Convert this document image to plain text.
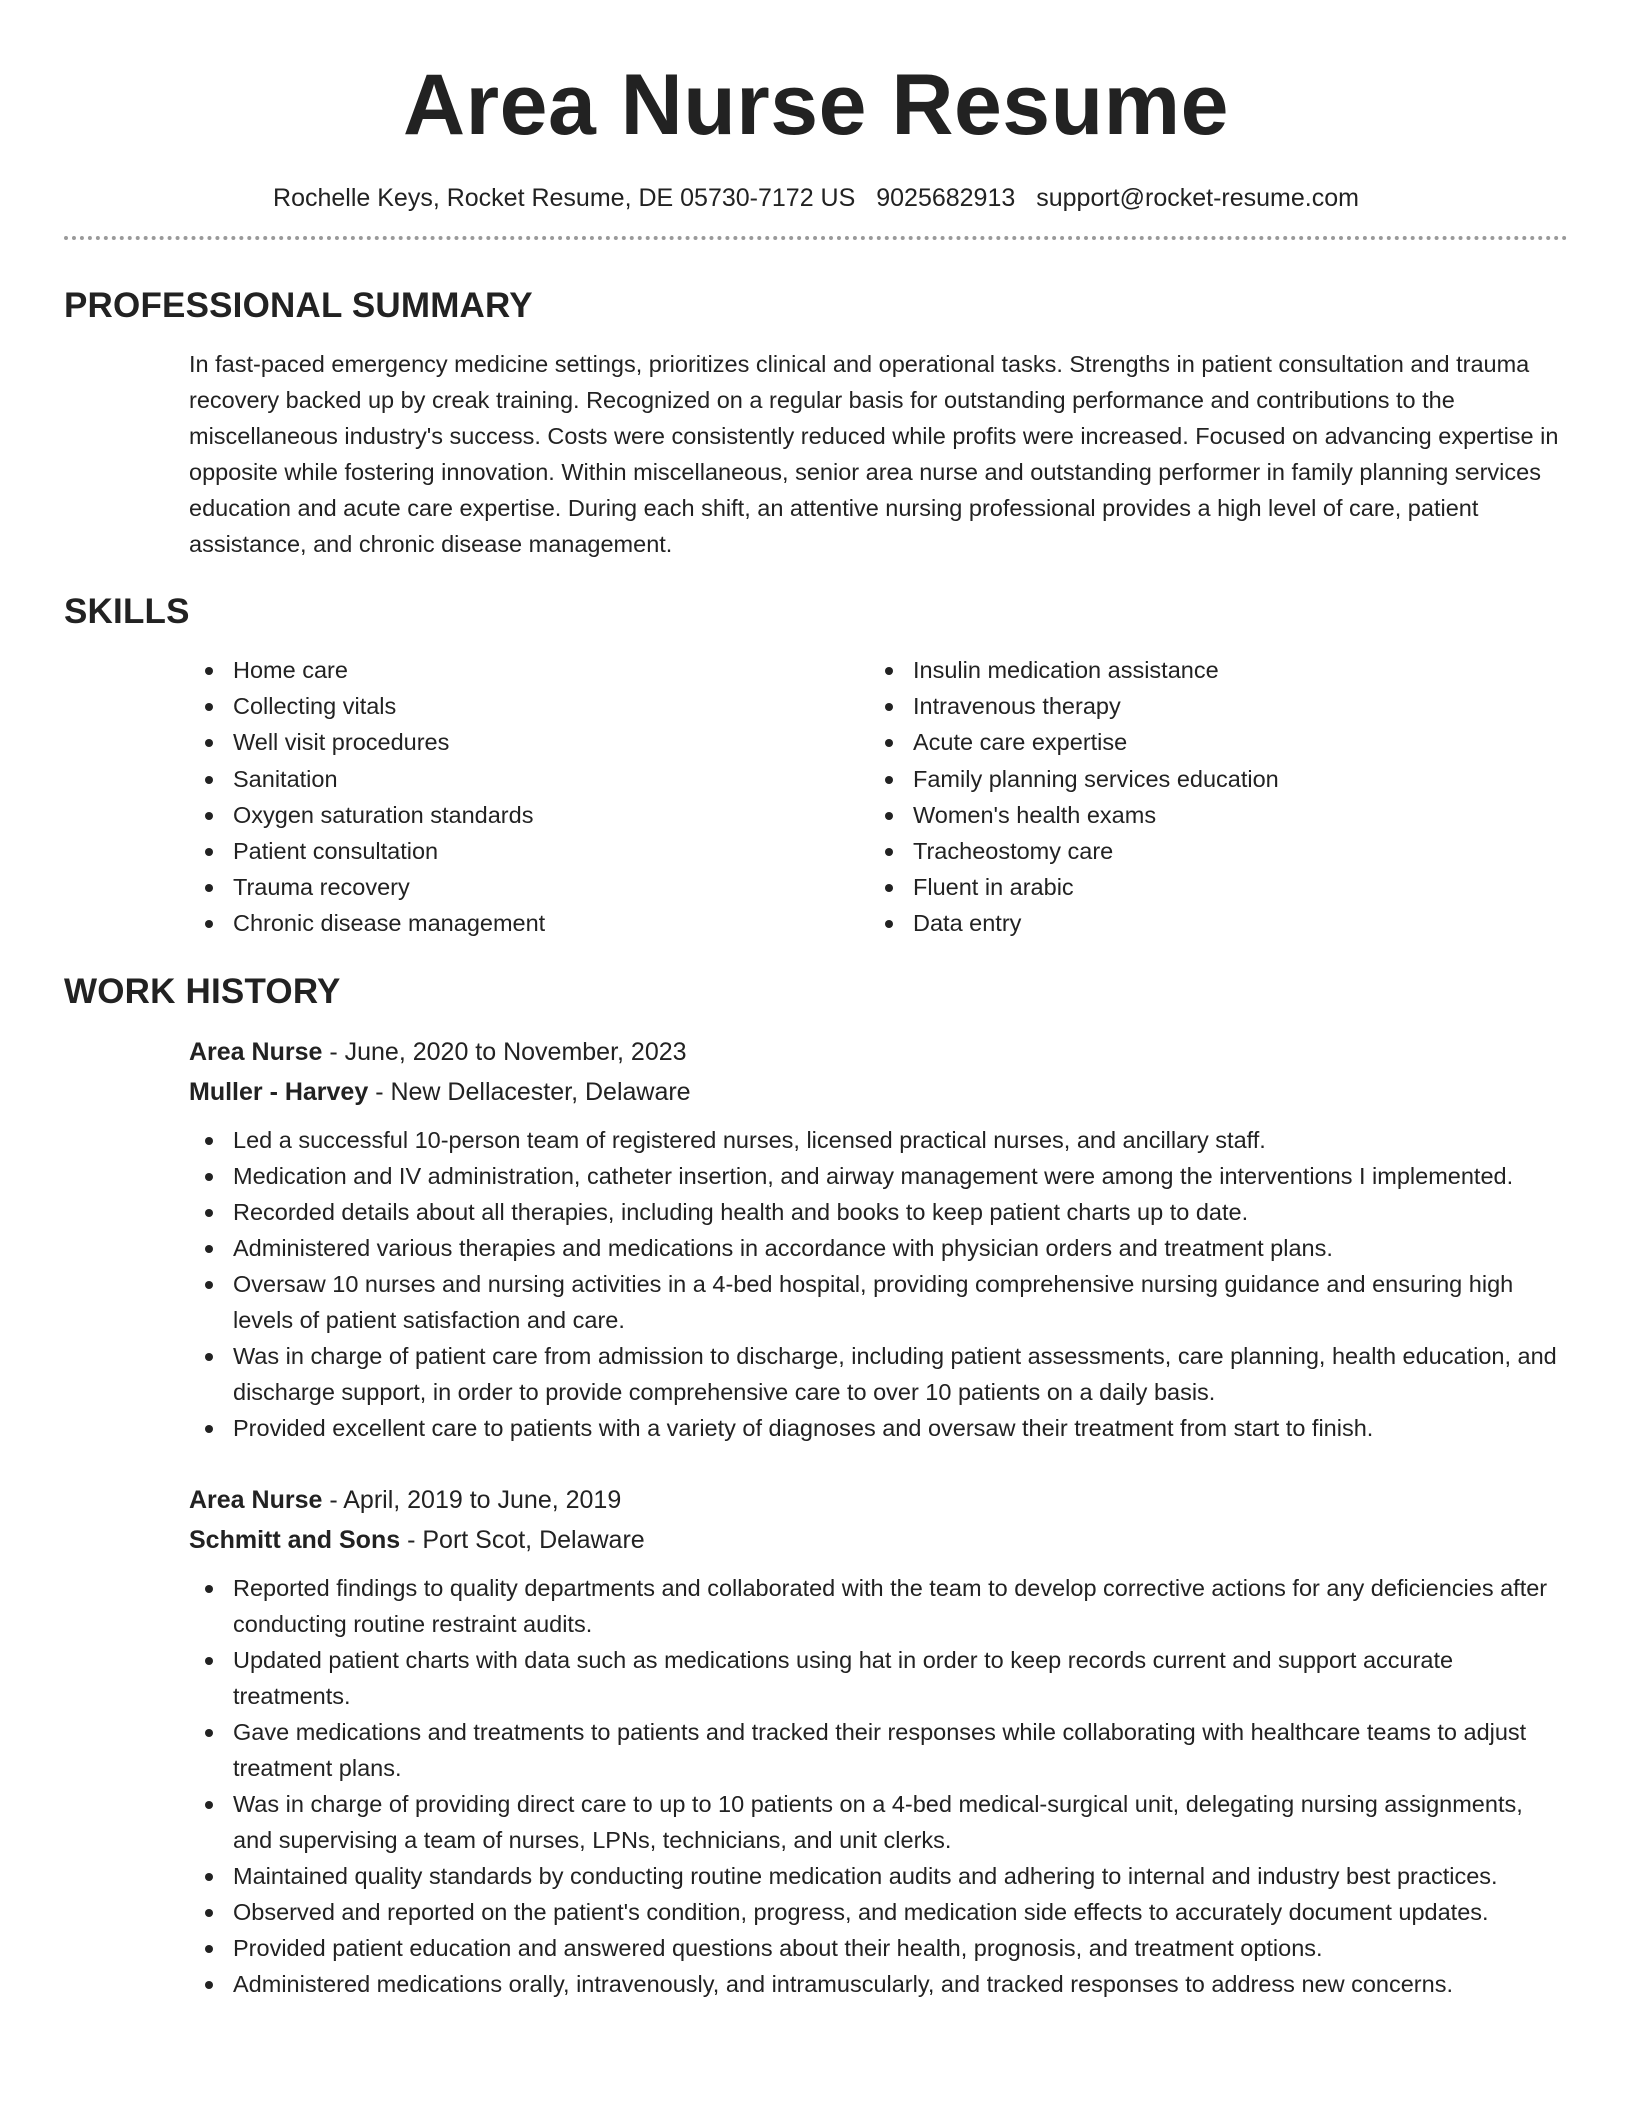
Area Nurse Resume
Rochelle Keys, Rocket Resume, DE 05730-7172 US 9025682913 support@rocket-resume.com
PROFESSIONAL SUMMARY

In fast-paced emergency medicine settings, prioritizes clinical and operational tasks. Strengths in patient consultation and trauma recovery backed up by creak training. Recognized on a regular basis for outstanding performance and contributions to the miscellaneous industry's success. Costs were consistently reduced while profits were increased. Focused on advancing expertise in opposite while fostering innovation. Within miscellaneous, senior area nurse and outstanding performer in family planning services education and acute care expertise. During each shift, an attentive nursing professional provides a high level of care, patient assistance, and chronic disease management.

SKILLS
Home care
Collecting vitals
Well visit procedures
Sanitation
Oxygen saturation standards
Patient consultation
Trauma recovery
Chronic disease management
Insulin medication assistance
Intravenous therapy
Acute care expertise
Family planning services education
Women's health exams
Tracheostomy care
Fluent in arabic
Data entry
WORK HISTORY
Area Nurse - June, 2020 to November, 2023
Muller - Harvey - New Dellacester, Delaware
Led a successful 10-person team of registered nurses, licensed practical nurses, and ancillary staff.
Medication and IV administration, catheter insertion, and airway management were among the interventions I implemented.
Recorded details about all therapies, including health and books to keep patient charts up to date.
Administered various therapies and medications in accordance with physician orders and treatment plans.
Oversaw 10 nurses and nursing activities in a 4-bed hospital, providing comprehensive nursing guidance and ensuring high levels of patient satisfaction and care.
Was in charge of patient care from admission to discharge, including patient assessments, care planning, health education, and discharge support, in order to provide comprehensive care to over 10 patients on a daily basis.
Provided excellent care to patients with a variety of diagnoses and oversaw their treatment from start to finish.
Area Nurse - April, 2019 to June, 2019
Schmitt and Sons - Port Scot, Delaware
Reported findings to quality departments and collaborated with the team to develop corrective actions for any deficiencies after conducting routine restraint audits.
Updated patient charts with data such as medications using hat in order to keep records current and support accurate treatments.
Gave medications and treatments to patients and tracked their responses while collaborating with healthcare teams to adjust treatment plans.
Was in charge of providing direct care to up to 10 patients on a 4-bed medical-surgical unit, delegating nursing assignments, and supervising a team of nurses, LPNs, technicians, and unit clerks.
Maintained quality standards by conducting routine medication audits and adhering to internal and industry best practices.
Observed and reported on the patient's condition, progress, and medication side effects to accurately document updates.
Provided patient education and answered questions about their health, prognosis, and treatment options.
Administered medications orally, intravenously, and intramuscularly, and tracked responses to address new concerns.
